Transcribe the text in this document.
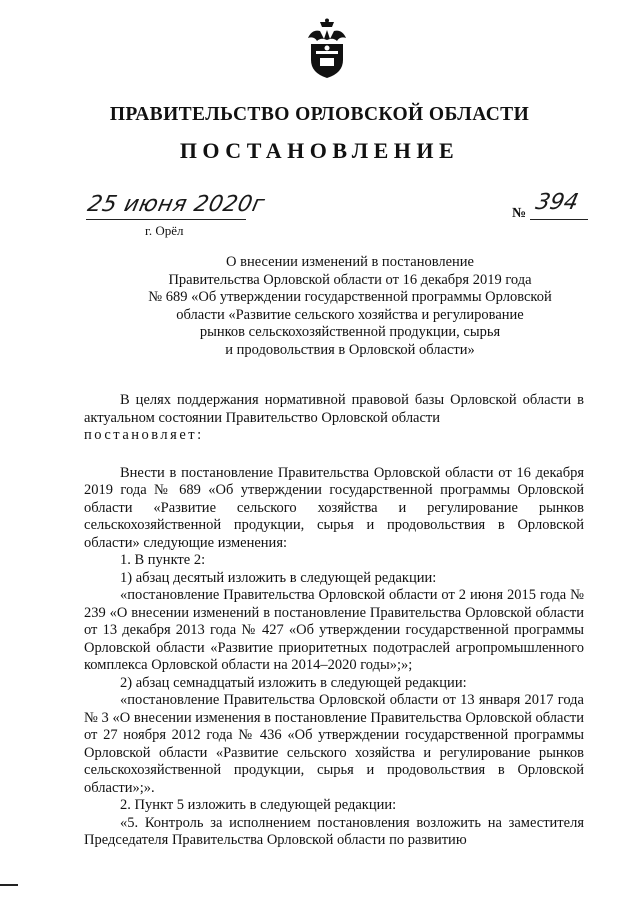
ПРАВИТЕЛЬСТВО ОРЛОВСКОЙ ОБЛАСТИ
ПОСТАНОВЛЕНИЕ
25 июня 2020г
г. Орёл
№ 394
О внесении изменений в постановление
Правительства Орловской области от 16 декабря 2019 года
№ 689 «Об утверждении государственной программы Орловской
области «Развитие сельского хозяйства и регулирование
рынков сельскохозяйственной продукции, сырья
и продовольствия в Орловской области»

В целях поддержания нормативной правовой базы Орловской области в актуальном состоянии Правительство Орловской области

постановляет:

Внести в постановление Правительства Орловской области от 16 декабря 2019 года № 689 «Об утверждении государственной программы Орловской области «Развитие сельского хозяйства и регулирование рынков сельскохозяйственной продукции, сырья и продовольствия в Орловской области» следующие изменения:

1. В пункте 2:

1) абзац десятый изложить в следующей редакции:

«постановление Правительства Орловской области от 2 июня 2015 года № 239 «О внесении изменений в постановление Правительства Орловской области от 13 декабря 2013 года № 427 «Об утверждении государственной программы Орловской области «Развитие приоритетных подотраслей агропромышленного комплекса Орловской области на 2014–2020 годы»;»;

2) абзац семнадцатый изложить в следующей редакции:

«постановление Правительства Орловской области от 13 января 2017 года № 3 «О внесении изменения в постановление Правительства Орловской области от 27 ноября 2012 года № 436 «Об утверждении государственной программы Орловской области «Развитие сельского хозяйства и регулирование рынков сельскохозяйственной продукции, сырья и продовольствия в Орловской области»;».

2. Пункт 5 изложить в следующей редакции:

«5. Контроль за исполнением постановления возложить на заместителя Председателя Правительства Орловской области по развитию
